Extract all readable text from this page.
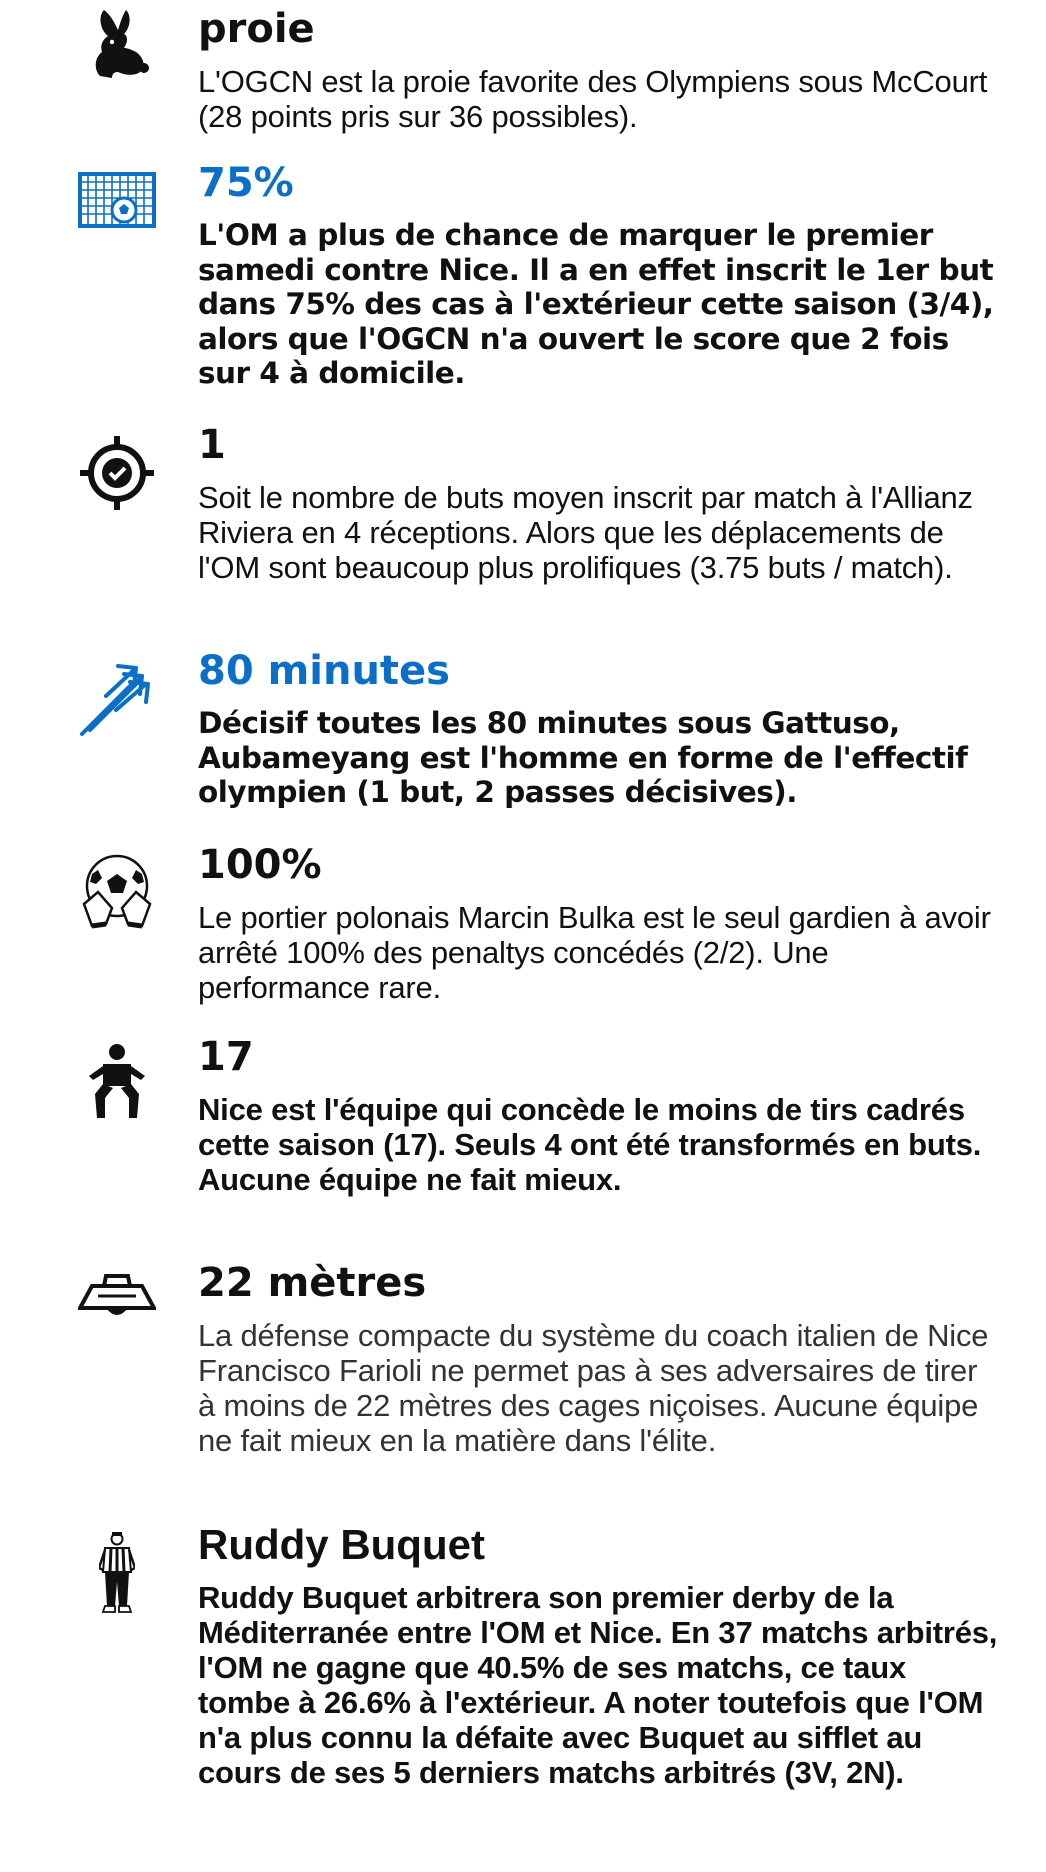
proie
L'OGCN est la proie favorite des Olympiens sous McCourt (28 points pris sur 36 possibles).
75%
L'OM a plus de chance de marquer le premier samedi contre Nice. Il a en effet inscrit le 1er but dans 75% des cas à l'extérieur cette saison (3/4), alors que l'OGCN n'a ouvert le score que 2 fois sur 4 à domicile.
1
Soit le nombre de buts moyen inscrit par match à l'Allianz Riviera en 4 réceptions. Alors que les déplacements de l'OM sont beaucoup plus prolifiques (3.75 buts / match).
80 minutes
Décisif toutes les 80 minutes sous Gattuso, Aubameyang est l'homme en forme de l'effectif olympien (1 but, 2 passes décisives).
100%
Le portier polonais Marcin Bulka est le seul gardien à avoir arrêté 100% des penaltys concédés (2/2). Une performance rare.
17
Nice est l'équipe qui concède le moins de tirs cadrés cette saison (17). Seuls 4 ont été transformés en buts. Aucune équipe ne fait mieux.
22 mètres
La défense compacte du système du coach italien de Nice Francisco Farioli ne permet pas à ses adversaires de tirer à moins de 22 mètres des cages niçoises. Aucune équipe ne fait mieux en la matière dans l'élite.
Ruddy Buquet
Ruddy Buquet arbitrera son premier derby de la Méditerranée entre l'OM et Nice. En 37 matchs arbitrés, l'OM ne gagne que 40.5% de ses matchs, ce taux tombe à 26.6% à l'extérieur. A noter toutefois que l'OM n'a plus connu la défaite avec Buquet au sifflet au cours de ses 5 derniers matchs arbitrés (3V, 2N).
